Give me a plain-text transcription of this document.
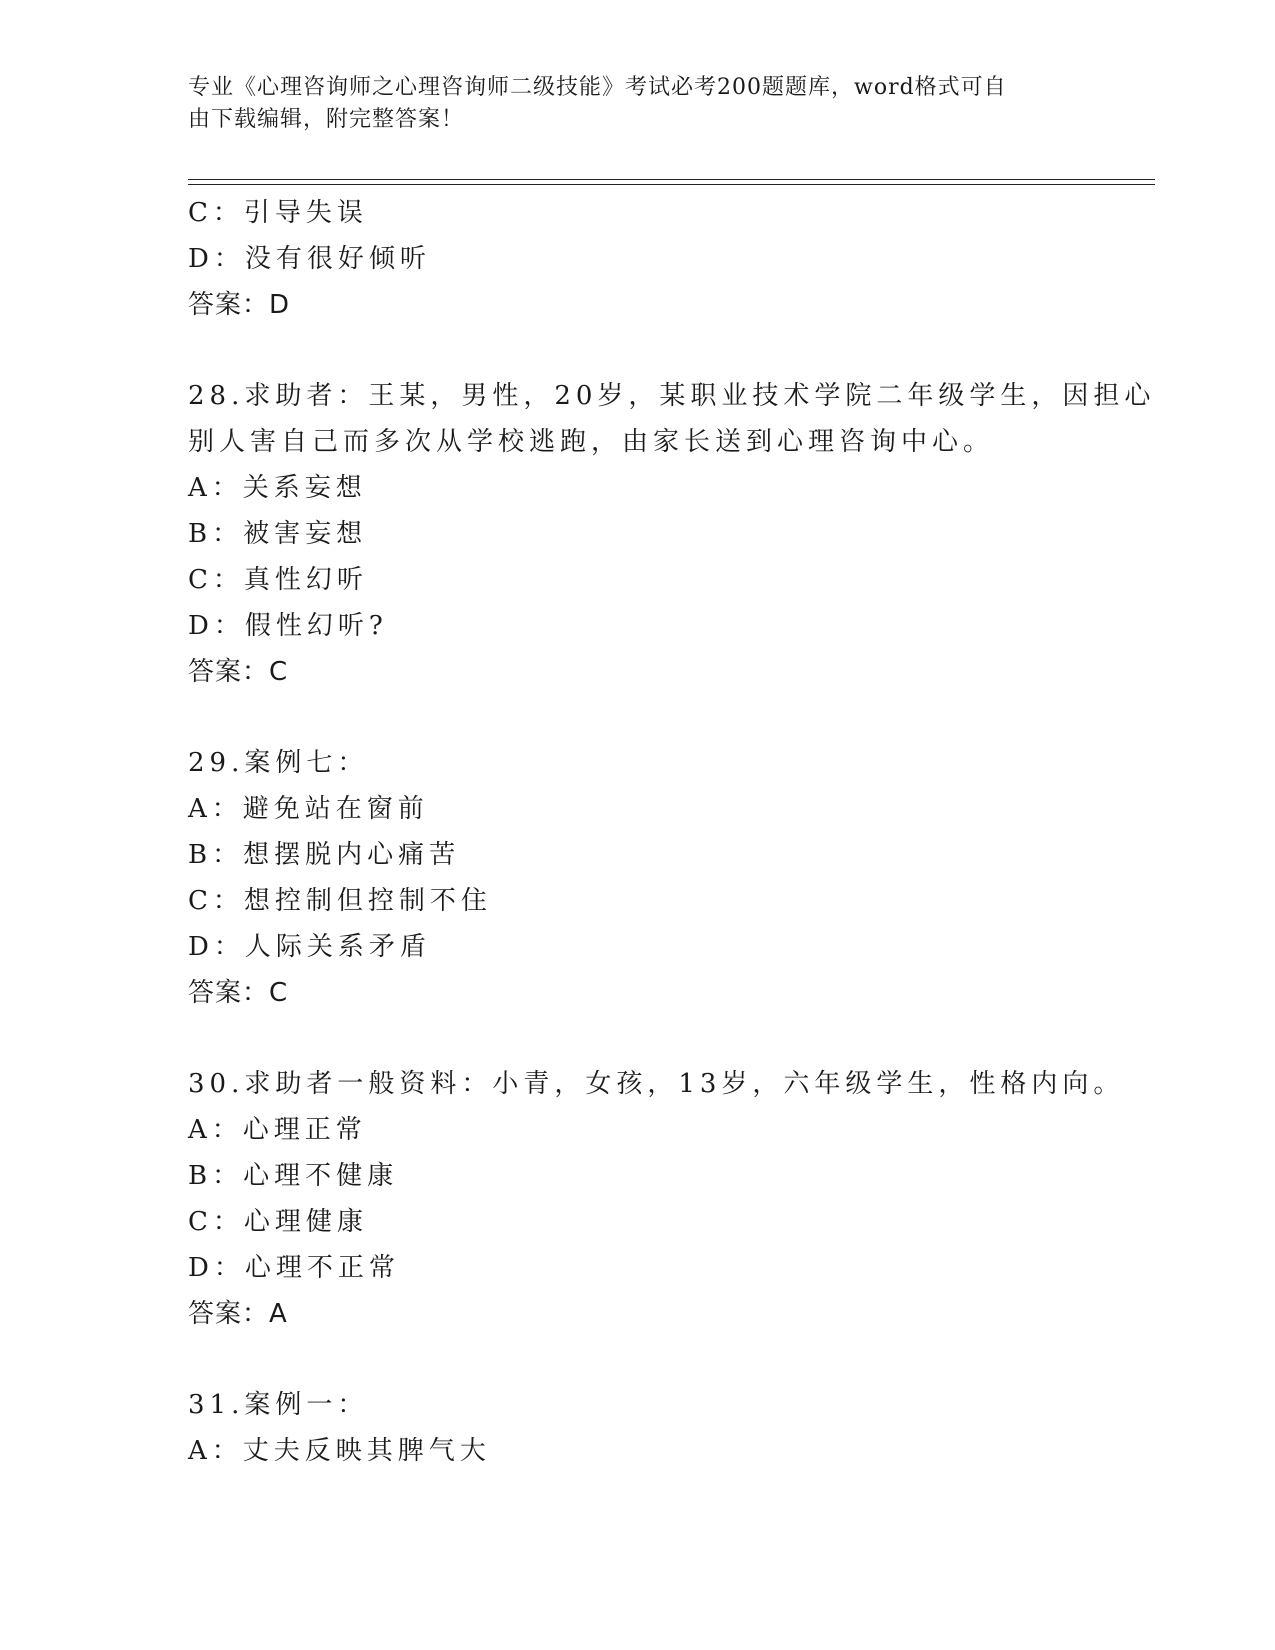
专业《心理咨询师之心理咨询师二级技能》考试必考200题题库，word格式可自
由下载编辑，附完整答案！
C：引导失误
D：没有很好倾听
答案：D
28.求助者：王某，男性，20岁，某职业技术学院二年级学生，因担心
别人害自己而多次从学校逃跑，由家长送到心理咨询中心。
A：关系妄想
B：被害妄想
C：真性幻听
D：假性幻听?
答案：C
29.案例七：
A：避免站在窗前
B：想摆脱内心痛苦
C：想控制但控制不住
D：人际关系矛盾
答案：C
30.求助者一般资料：小青，女孩，13岁，六年级学生，性格内向。
A：心理正常
B：心理不健康
C：心理健康
D：心理不正常
答案：A
31.案例一：
A：丈夫反映其脾气大
